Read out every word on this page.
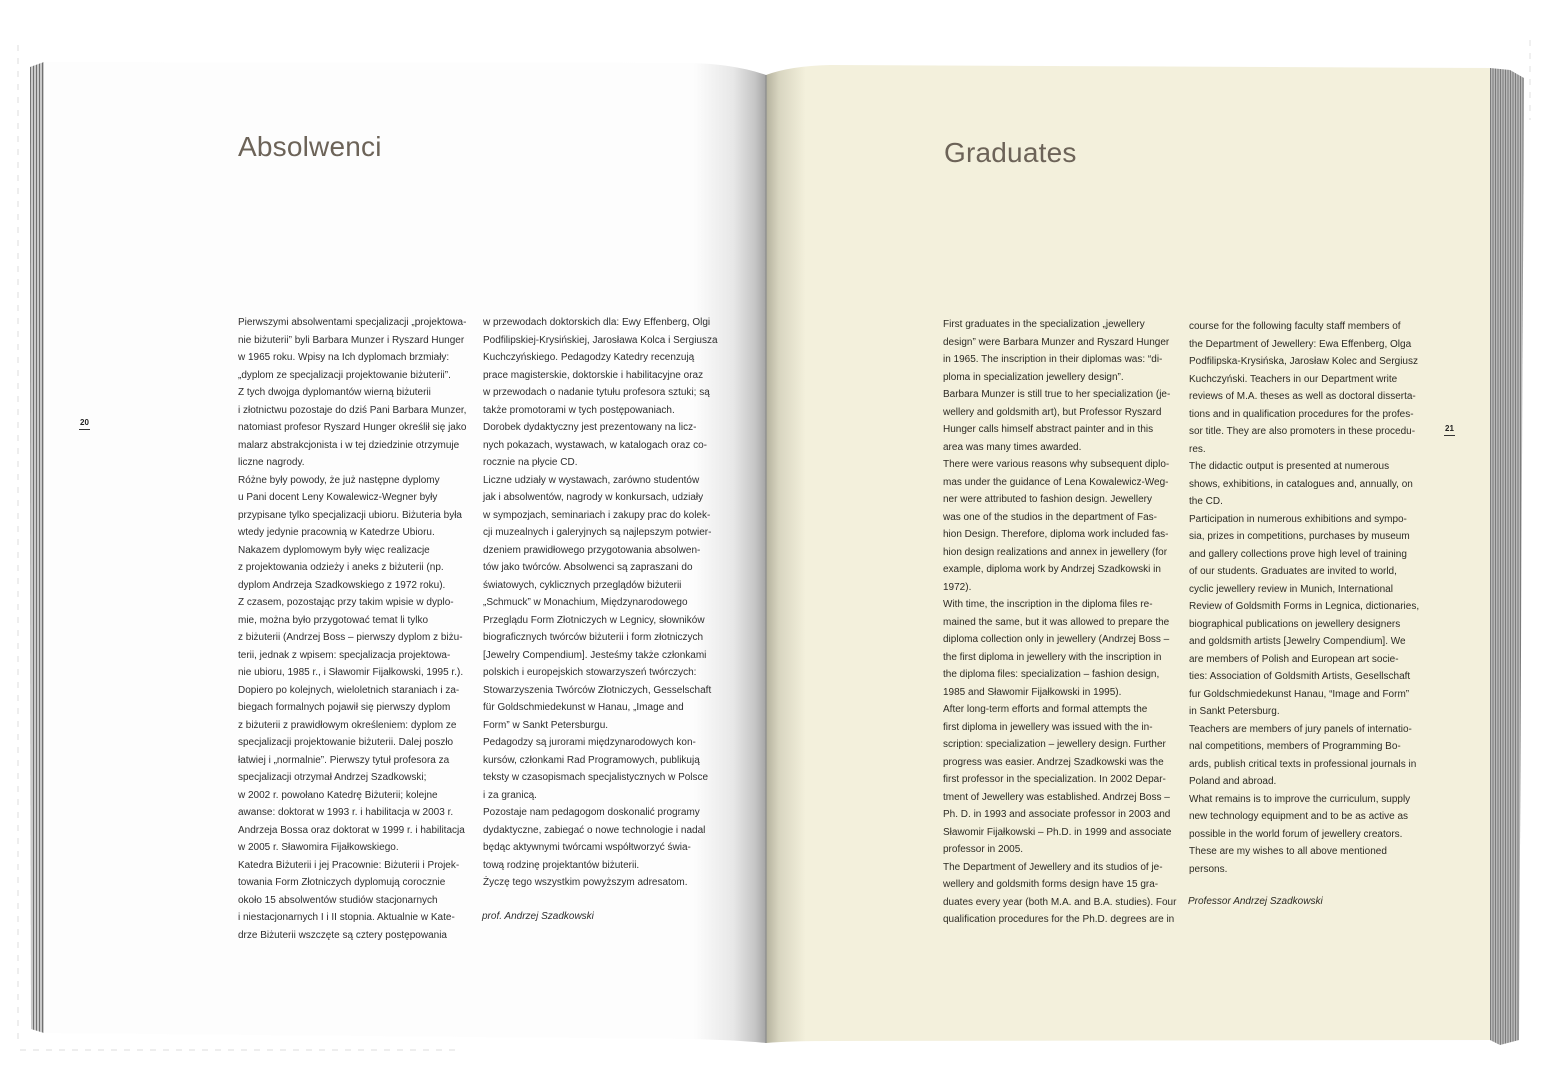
Absolwenci
20
Pierwszymi absolwentami specjalizacji „projektowa-
nie biżuterii” byli Barbara Munzer i Ryszard Hunger
w 1965 roku. Wpisy na Ich dyplomach brzmiały:
„dyplom ze specjalizacji projektowanie biżuterii”.
Z tych dwojga dyplomantów wierną biżuterii
i złotnictwu pozostaje do dziś Pani Barbara Munzer,
natomiast profesor Ryszard Hunger określił się jako
malarz abstrakcjonista i w tej dziedzinie otrzymuje
liczne nagrody.
Różne były powody, że już następne dyplomy
u Pani docent Leny Kowalewicz-Wegner były
przypisane tylko specjalizacji ubioru. Biżuteria była
wtedy jedynie pracownią w Katedrze Ubioru.
Nakazem dyplomowym były więc realizacje
z projektowania odzieży i aneks z biżuterii (np.
dyplom Andrzeja Szadkowskiego z 1972 roku).
Z czasem, pozostając przy takim wpisie w dyplo-
mie, można było przygotować temat li tylko
z biżuterii (Andrzej Boss – pierwszy dyplom z biżu-
terii, jednak z wpisem: specjalizacja projektowa-
nie ubioru, 1985 r., i Sławomir Fijałkowski, 1995 r.).
Dopiero po kolejnych, wieloletnich staraniach i za-
biegach formalnych pojawił się pierwszy dyplom
z biżuterii z prawidłowym określeniem: dyplom ze
specjalizacji projektowanie biżuterii. Dalej poszło
łatwiej i „normalnie”. Pierwszy tytuł profesora za
specjalizacji otrzymał Andrzej Szadkowski;
w 2002 r. powołano Katedrę Biżuterii; kolejne
awanse: doktorat w 1993 r. i habilitacja w 2003 r.
Andrzeja Bossa oraz doktorat w 1999 r. i habilitacja
w 2005 r. Sławomira Fijałkowskiego.
Katedra Biżuterii i jej Pracownie: Biżuterii i Projek-
towania Form Złotniczych dyplomują corocznie
około 15 absolwentów studiów stacjonarnych
i niestacjonarnych I i II stopnia. Aktualnie w Kate-
drze Biżuterii wszczęte są cztery postępowania
w przewodach doktorskich dla: Ewy Effenberg, Olgi
Podfilipskiej-Krysińskiej, Jarosława Kolca i Sergiusza
Kuchczyńskiego. Pedagodzy Katedry recenzują
prace magisterskie, doktorskie i habilitacyjne oraz
w przewodach o nadanie tytułu profesora sztuki; są
także promotorami w tych postępowaniach.
Dorobek dydaktyczny jest prezentowany na licz-
nych pokazach, wystawach, w katalogach oraz co-
rocznie na płycie CD.
Liczne udziały w wystawach, zarówno studentów
jak i absolwentów, nagrody w konkursach, udziały
w sympozjach, seminariach i zakupy prac do kolek-
cji muzealnych i galeryjnych są najlepszym potwier-
dzeniem prawidłowego przygotowania absolwen-
tów jako twórców. Absolwenci są zapraszani do
światowych, cyklicznych przeglądów biżuterii
„Schmuck” w Monachium, Międzynarodowego
Przeglądu Form Złotniczych w Legnicy, słowników
biograficznych twórców biżuterii i form złotniczych
[Jewelry Compendium]. Jesteśmy także członkami
polskich i europejskich stowarzyszeń twórczych:
Stowarzyszenia Twórców Złotniczych, Gesselschaft
für Goldschmiedekunst w Hanau, „Image and
Form” w Sankt Petersburgu.
Pedagodzy są jurorami międzynarodowych kon-
kursów, członkami Rad Programowych, publikują
teksty w czasopismach specjalistycznych w Polsce
i za granicą.
Pozostaje nam pedagogom doskonalić programy
dydaktyczne, zabiegać o nowe technologie i nadal
będąc aktywnymi twórcami współtworzyć świa-
tową rodzinę projektantów biżuterii.
Życzę tego wszystkim powyższym adresatom.
prof. Andrzej Szadkowski
Graduates
21
First graduates in the specialization „jewellery
design” were Barbara Munzer and Ryszard Hunger
in 1965. The inscription in their diplomas was: “di-
ploma in specialization jewellery design”.
Barbara Munzer is still true to her specialization (je-
wellery and goldsmith art), but Professor Ryszard
Hunger calls himself abstract painter and in this
area was many times awarded.
There were various reasons why subsequent diplo-
mas under the guidance of Lena Kowalewicz-Weg-
ner were attributed to fashion design. Jewellery
was one of the studios in the department of Fas-
hion Design. Therefore, diploma work included fas-
hion design realizations and annex in jewellery (for
example, diploma work by Andrzej Szadkowski in
1972).
With time, the inscription in the diploma files re-
mained the same, but it was allowed to prepare the
diploma collection only in jewellery (Andrzej Boss –
the first diploma in jewellery with the inscription in
the diploma files: specialization – fashion design,
1985 and Sławomir Fijałkowski in 1995).
After long-term efforts and formal attempts the
first diploma in jewellery was issued with the in-
scription: specialization – jewellery design. Further
progress was easier. Andrzej Szadkowski was the
first professor in the specialization. In 2002 Depar-
tment of Jewellery was established. Andrzej Boss –
Ph. D. in 1993 and associate professor in 2003 and
Sławomir Fijałkowski – Ph.D. in 1999 and associate
professor in 2005.
The Department of Jewellery and its studios of je-
wellery and goldsmith forms design have 15 gra-
duates every year (both M.A. and B.A. studies). Four
qualification procedures for the Ph.D. degrees are in
course for the following faculty staff members of
the Department of Jewellery: Ewa Effenberg, Olga
Podfilipska-Krysińska, Jarosław Kolec and Sergiusz
Kuchczyński. Teachers in our Department write
reviews of M.A. theses as well as doctoral disserta-
tions and in qualification procedures for the profes-
sor title. They are also promoters in these procedu-
res.
The didactic output is presented at numerous
shows, exhibitions, in catalogues and, annually, on
the CD.
Participation in numerous exhibitions and sympo-
sia, prizes in competitions, purchases by museum
and gallery collections prove high level of training
of our students. Graduates are invited to world,
cyclic jewellery review in Munich, International
Review of Goldsmith Forms in Legnica, dictionaries,
biographical publications on jewellery designers
and goldsmith artists [Jewelry Compendium]. We
are members of Polish and European art socie-
ties: Association of Goldsmith Artists, Gesellschaft
fur Goldschmiedekunst Hanau, “Image and Form”
in Sankt Petersburg.
Teachers are members of jury panels of internatio-
nal competitions, members of Programming Bo-
ards, publish critical texts in professional journals in
Poland and abroad.
What remains is to improve the curriculum, supply
new technology equipment and to be as active as
possible in the world forum of jewellery creators.
These are my wishes to all above mentioned
persons.
Professor Andrzej Szadkowski
